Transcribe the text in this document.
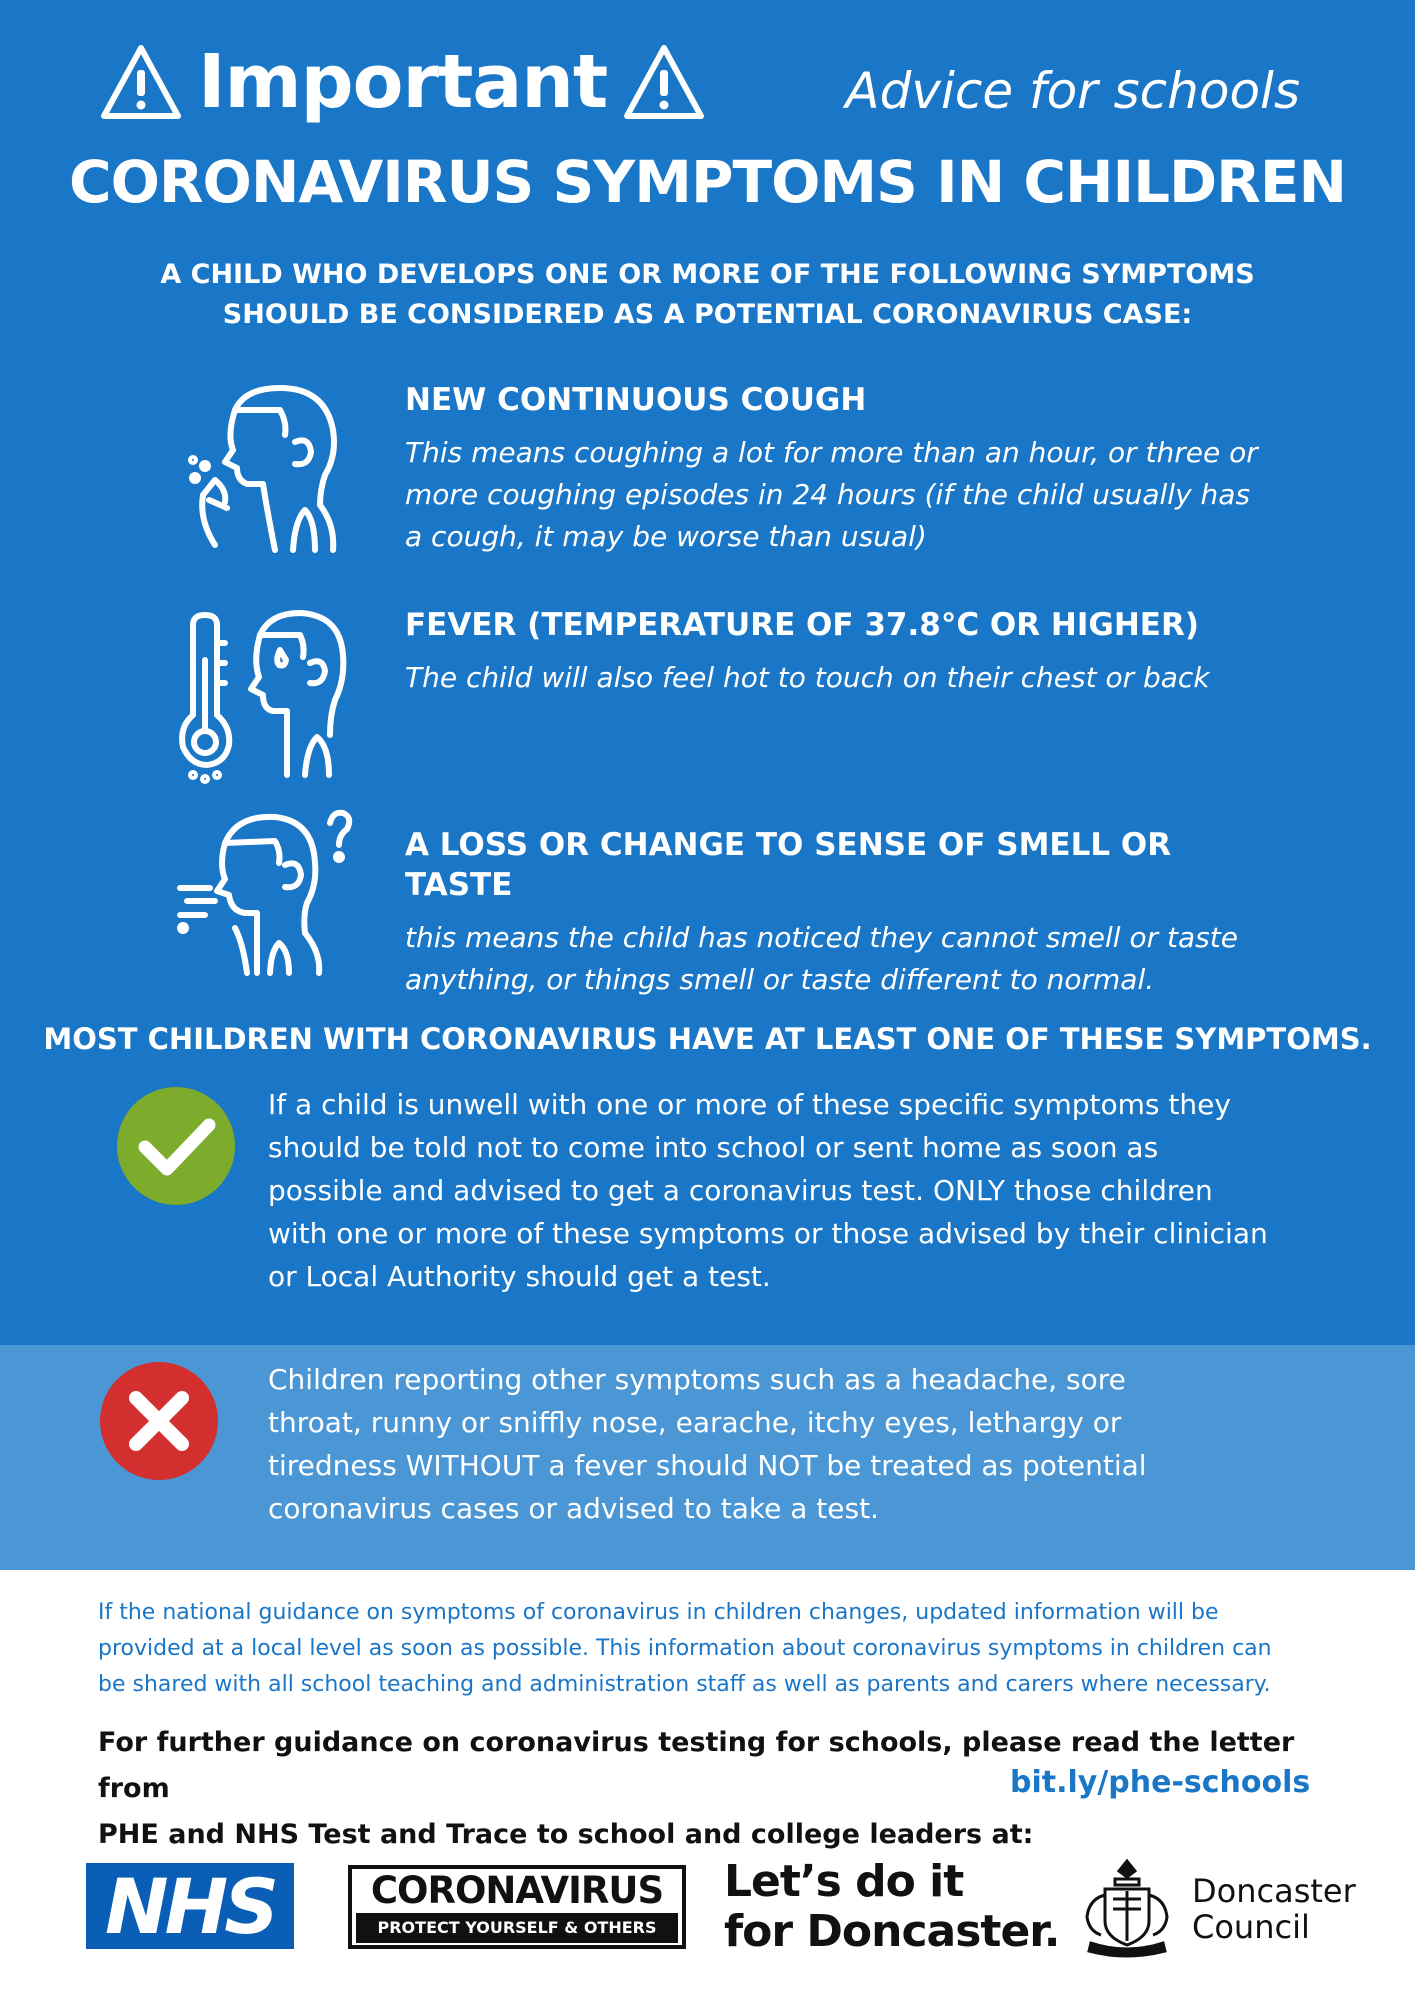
Important	Advice for schools
CORONAVIRUS SYMPTOMS IN CHILDREN
A CHILD WHO DEVELOPS ONE OR MORE OF THE FOLLOWING SYMPTOMS
SHOULD BE CONSIDERED AS A POTENTIAL CORONAVIRUS CASE:
NEW CONTINUOUS COUGH
This means coughing a lot for more than an hour, or three or
more coughing episodes in 24 hours (if the child usually has
a cough, it may be worse than usual)
FEVER (TEMPERATURE OF 37.8°C OR HIGHER)
The child will also feel hot to touch on their chest or back
A LOSS OR CHANGE TO SENSE OF SMELL OR TASTE
this means the child has noticed they cannot smell or taste
anything, or things smell or taste different to normal.
MOST CHILDREN WITH CORONAVIRUS HAVE AT LEAST ONE OF THESE SYMPTOMS.
If a child is unwell with one or more of these specific symptoms they
should be told not to come into school or sent home as soon as
possible and advised to get a coronavirus test. ONLY those children
with one or more of these symptoms or those advised by their clinician
or Local Authority should get a test.
Children reporting other symptoms such as a headache, sore
throat, runny or sniffly nose, earache, itchy eyes, lethargy or
tiredness WITHOUT a fever should NOT be treated as potential
coronavirus cases or advised to take a test.
If the national guidance on symptoms of coronavirus in children changes, updated information will be
provided at a local level as soon as possible. This information about coronavirus symptoms in children can
be shared with all school teaching and administration staff as well as parents and carers where necessary.
For further guidance on coronavirus testing for schools, please read the letter from
PHE and NHS Test and Trace to school and college leaders at:
bit.ly/phe-schools
NHS	CORONAVIRUS
PROTECT YOURSELF & OTHERS
Let’s do it
for Doncaster.
Doncaster
Council
